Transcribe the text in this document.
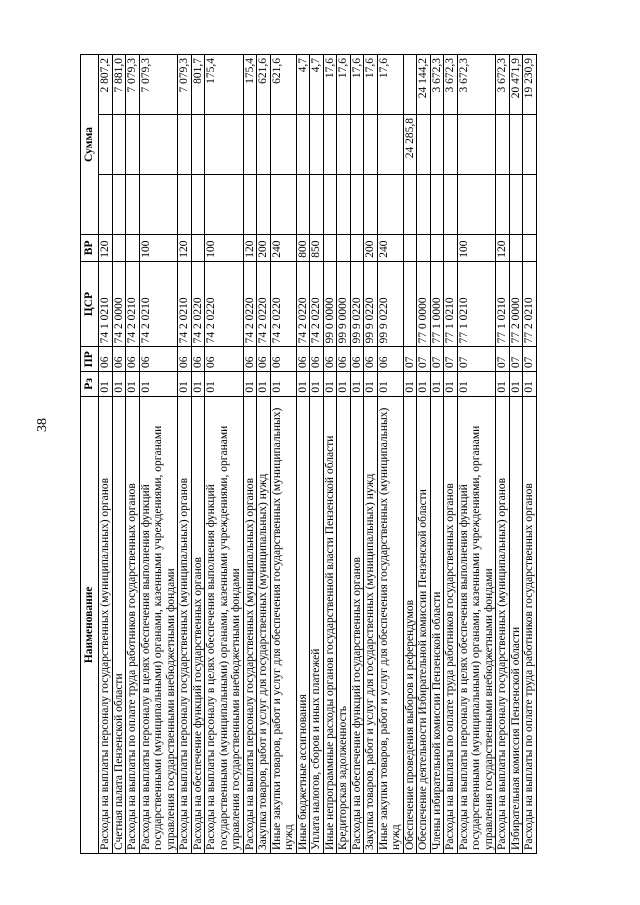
38
Наименование	Рз	ПР	ЦСР	ВР	Сумма		
Расходы на выплаты персоналу государственных (муниципальных) органов	01	06	74 1 0210	120			2 807,2
Счетная палата Пензенской области	01	06	74 2 0000				7 881,0
Расходы на выплаты по оплате труда работников государственных органов	01	06	74 2 0210				7 079,3
Расходы на выплаты персоналу в целях обеспечения выполнения функций государственными (муниципальными) органами, казенными учреждениями, органами управления государственными внебюджетными фондами	01	06	74 2 0210	100			7 079,3
Расходы на выплаты персоналу государственных (муниципальных) органов	01	06	74 2 0210	120			7 079,3
Расходы на обеспечение функций государственных органов	01	06	74 2 0220				801,7
Расходы на выплаты персоналу в целях обеспечения выполнения функций государственными (муниципальными) органами, казенными учреждениями, органами управления государственными внебюджетными фондами	01	06	74 2 0220	100			175,4
Расходы на выплаты персоналу государственных (муниципальных) органов	01	06	74 2 0220	120			175,4
Закупка товаров, работ и услуг для государственных (муниципальных) нужд	01	06	74 2 0220	200			621,6
Иные закупки товаров, работ и услуг для обеспечения государственных (муниципальных) нужд	01	06	74 2 0220	240			621,6
Иные бюджетные ассигнования	01	06	74 2 0220	800			4,7
Уплата налогов, сборов и иных платежей	01	06	74 2 0220	850			4,7
Иные непрограммные расходы органов государственной власти Пензенской области	01	06	99 0 0000				17,6
Кредиторская задолженность	01	06	99 9 0000				17,6
Расходы на обеспечение функций государственных органов	01	06	99 9 0220				17,6
Закупка товаров, работ и услуг для государственных (муниципальных) нужд	01	06	99 9 0220	200			17,6
Иные закупки товаров, работ и услуг для обеспечения государственных (муниципальных) нужд	01	06	99 9 0220	240			17,6
Обеспечение проведения выборов и референдумов	01	07				24 285,8	
Обеспечение деятельности Избирательной комиссии Пензенской области	01	07	77 0 0000				24 144,2
Члены избирательной комиссии Пензенской области	01	07	77 1 0000				3 672,3
Расходы на выплаты по оплате труда работников государственных органов	01	07	77 1 0210				3 672,3
Расходы на выплаты персоналу в целях обеспечения выполнения функций государственными (муниципальными) органами, казенными учреждениями, органами управления государственными внебюджетными фондами	01	07	77 1 0210	100			3 672,3
Расходы на выплаты персоналу государственных (муниципальных) органов	01	07	77 1 0210	120			3 672,3
Избирательная комиссия Пензенской области	01	07	77 2 0000				20 471,9
Расходы на выплаты по оплате труда работников государственных органов	01	07	77 2 0210				19 230,9
